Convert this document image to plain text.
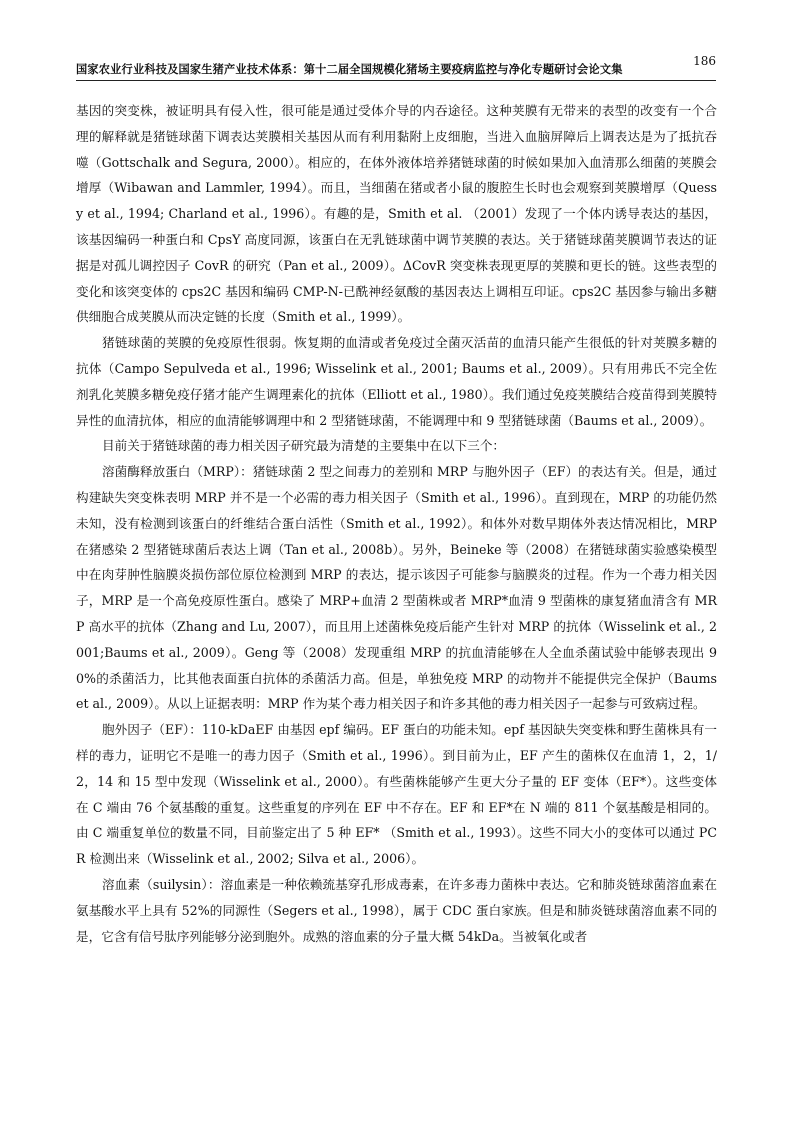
国家农业行业科技及国家生猪产业技术体系：第十二届全国规模化猪场主要疫病监控与净化专题研讨会论文集
186

基因的突变株，被证明具有侵入性，很可能是通过受体介导的内吞途径。这种荚膜有无带来的表型的改变有一个合理的解释就是猪链球菌下调表达荚膜相关基因从而有利用黏附上皮细胞，当进入血脑屏障后上调表达是为了抵抗吞噬（Gottschalk and Segura, 2000）。相应的，在体外液体培养猪链球菌的时候如果加入血清那么细菌的荚膜会增厚（Wibawan and Lammler, 1994）。而且，当细菌在猪或者小鼠的腹腔生长时也会观察到荚膜增厚（Quessy et al., 1994; Charland et al., 1996）。有趣的是，Smith et al. （2001）发现了一个体内诱导表达的基因，该基因编码一种蛋白和 CpsY 高度同源，该蛋白在无乳链球菌中调节荚膜的表达。关于猪链球菌荚膜调节表达的证据是对孤儿调控因子 CovR 的研究（Pan et al., 2009）。ΔCovR 突变株表现更厚的荚膜和更长的链。这些表型的变化和该突变体的 cps2C 基因和编码 CMP-N-已酰神经氨酸的基因表达上调相互印证。cps2C 基因参与输出多糖供细胞合成荚膜从而决定链的长度（Smith et al., 1999）。

猪链球菌的荚膜的免疫原性很弱。恢复期的血清或者免疫过全菌灭活苗的血清只能产生很低的针对荚膜多糖的抗体（Campo Sepulveda et al., 1996; Wisselink et al., 2001; Baums et al., 2009）。只有用弗氏不完全佐剂乳化荚膜多糖免疫仔猪才能产生调理素化的抗体（Elliott et al., 1980）。我们通过免疫荚膜结合疫苗得到荚膜特异性的血清抗体，相应的血清能够调理中和 2 型猪链球菌，不能调理中和 9 型猪链球菌（Baums et al., 2009）。

目前关于猪链球菌的毒力相关因子研究最为清楚的主要集中在以下三个：

溶菌酶释放蛋白（MRP）：猪链球菌 2 型之间毒力的差别和 MRP 与胞外因子（EF）的表达有关。但是，通过构建缺失突变株表明 MRP 并不是一个必需的毒力相关因子（Smith et al., 1996）。直到现在，MRP 的功能仍然未知，没有检测到该蛋白的纤维结合蛋白活性（Smith et al., 1992）。和体外对数早期体外表达情况相比，MRP 在猪感染 2 型猪链球菌后表达上调（Tan et al., 2008b）。另外，Beineke 等（2008）在猪链球菌实验感染模型中在肉芽肿性脑膜炎损伤部位原位检测到 MRP 的表达，提示该因子可能参与脑膜炎的过程。作为一个毒力相关因子，MRP 是一个高免疫原性蛋白。感染了 MRP+血清 2 型菌株或者 MRP*血清 9 型菌株的康复猪血清含有 MRP 高水平的抗体（Zhang and Lu, 2007），而且用上述菌株免疫后能产生针对 MRP 的抗体（Wisselink et al., 2001;Baums et al., 2009）。Geng 等（2008）发现重组 MRP 的抗血清能够在人全血杀菌试验中能够表现出 90%的杀菌活力，比其他表面蛋白抗体的杀菌活力高。但是，单独免疫 MRP 的动物并不能提供完全保护（Baums et al., 2009）。从以上证据表明：MRP 作为某个毒力相关因子和许多其他的毒力相关因子一起参与可致病过程。

胞外因子（EF）：110-kDaEF 由基因 epf 编码。EF 蛋白的功能未知。epf 基因缺失突变株和野生菌株具有一样的毒力，证明它不是唯一的毒力因子（Smith et al., 1996）。到目前为止，EF 产生的菌株仅在血清 1，2，1/2，14 和 15 型中发现（Wisselink et al., 2000）。有些菌株能够产生更大分子量的 EF 变体（EF*）。这些变体在 C 端由 76 个氨基酸的重复。这些重复的序列在 EF 中不存在。EF 和 EF*在 N 端的 811 个氨基酸是相同的。由 C 端重复单位的数量不同，目前鉴定出了 5 种 EF* （Smith et al., 1993）。这些不同大小的变体可以通过 PCR 检测出来（Wisselink et al., 2002; Silva et al., 2006）。

溶血素（suilysin）：溶血素是一种依赖巯基穿孔形成毒素，在许多毒力菌株中表达。它和肺炎链球菌溶血素在氨基酸水平上具有 52%的同源性（Segers et al., 1998），属于 CDC 蛋白家族。但是和肺炎链球菌溶血素不同的是，它含有信号肽序列能够分泌到胞外。成熟的溶血素的分子量大概 54kDa。当被氧化或者
